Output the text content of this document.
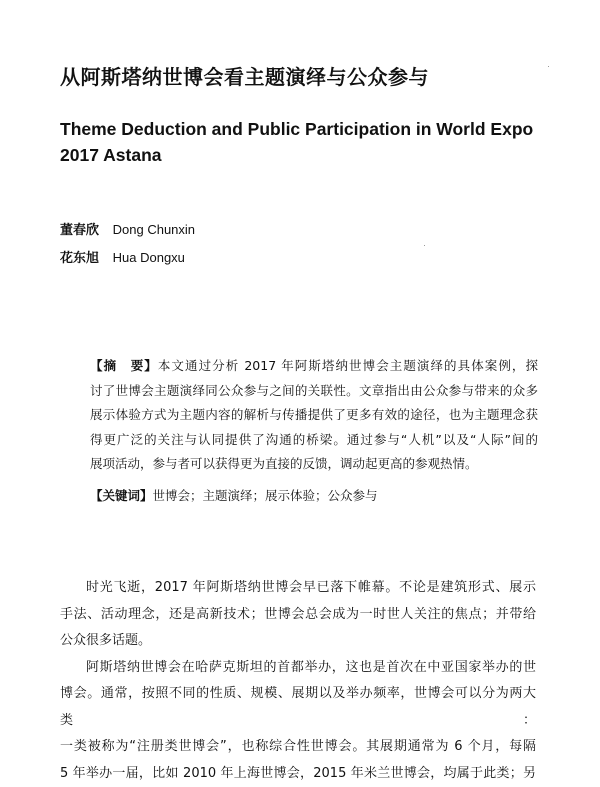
从阿斯塔纳世博会看主题演绎与公众参与
Theme Deduction and Public Participation in World Expo
2017 Astana
董春欣 Dong Chunxin
花东旭 Hua Dongxu
【摘　要】本文通过分析 2017 年阿斯塔纳世博会主题演绎的具体案例，探
讨了世博会主题演绎同公众参与之间的关联性。文章指出由公众参与带来的众多
展示体验方式为主题内容的解析与传播提供了更多有效的途径，也为主题理念获
得更广泛的关注与认同提供了沟通的桥梁。通过参与“人机”以及“人际”间的
展项活动，参与者可以获得更为直接的反馈，调动起更高的参观热情。
【关键词】世博会；主题演绎；展示体验；公众参与

时光飞逝，2017 年阿斯塔纳世博会早已落下帷幕。不论是建筑形式、展示
手法、活动理念，还是高新技术；世博会总会成为一时世人关注的焦点；并带给
公众很多话题。

阿斯塔纳世博会在哈萨克斯坦的首都举办，这也是首次在中亚国家举办的世
博会。通常，按照不同的性质、规模、展期以及举办频率，世博会可以分为两大类：
一类被称为“注册类世博会”，也称综合性世博会。其展期通常为 6 个月，每隔
5 年举办一届，比如 2010 年上海世博会，2015 年米兰世博会，均属于此类；另
